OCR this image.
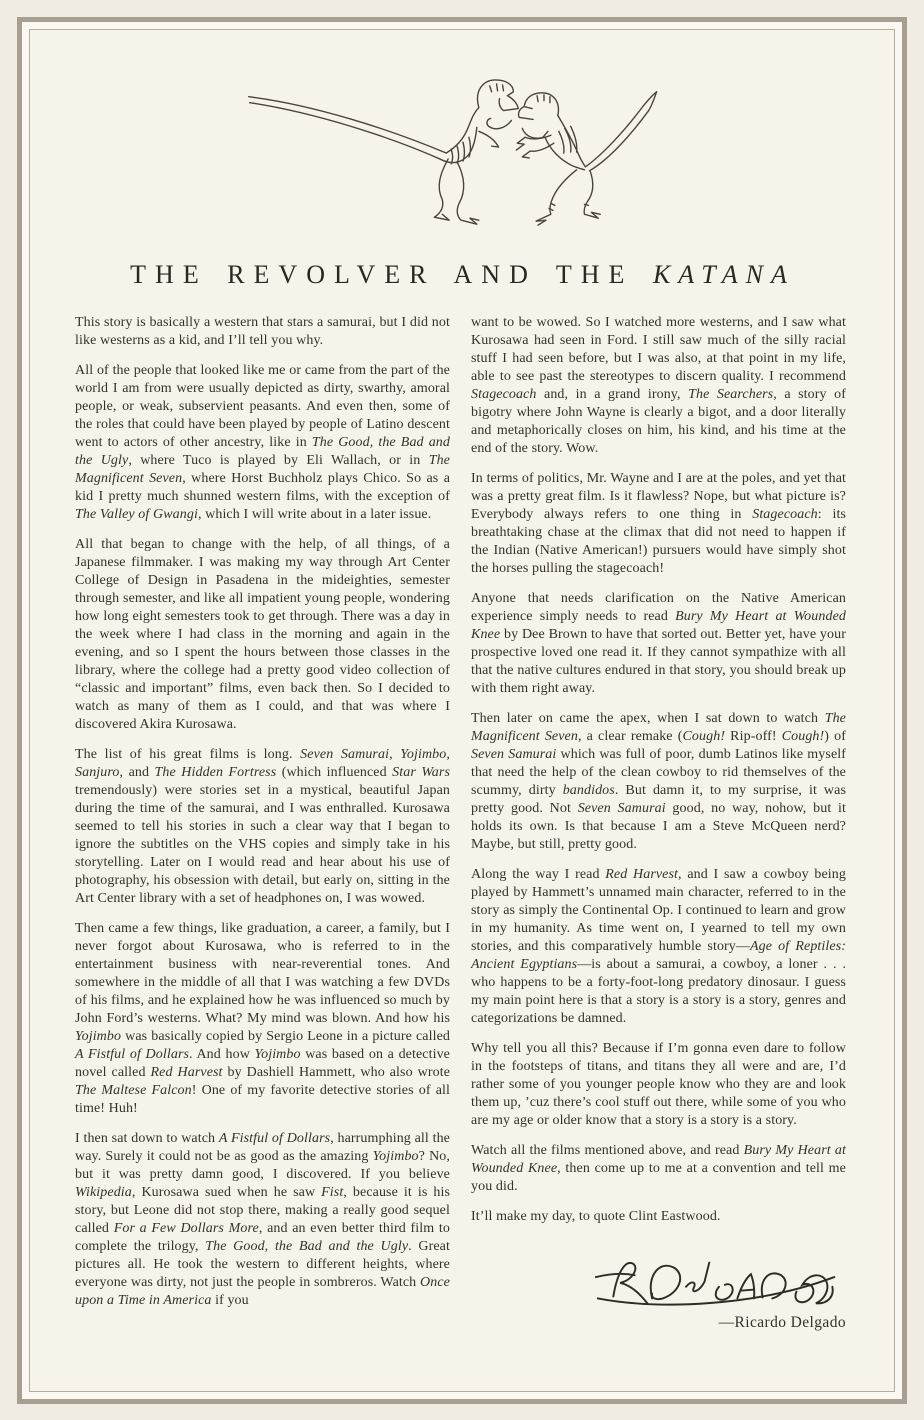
THE REVOLVER AND THE KATANA

This story is basically a western that stars a samurai, but I did not like westerns as a kid, and I’ll tell you why.

All of the people that looked like me or came from the part of the world I am from were usually depicted as dirty, swarthy, amoral people, or weak, subservient peasants. And even then, some of the roles that could have been played by people of Latino descent went to actors of other ancestry, like in The Good, the Bad and the Ugly, where Tuco is played by Eli Wallach, or in The Magnificent Seven, where Horst Buchholz plays Chico. So as a kid I pretty much shunned western films, with the exception of The Valley of Gwangi, which I will write about in a later issue.

All that began to change with the help, of all things, of a Japanese filmmaker. I was making my way through Art Center College of Design in Pasadena in the mideighties, semester through semester, and like all impatient young people, wondering how long eight semesters took to get through. There was a day in the week where I had class in the morning and again in the evening, and so I spent the hours between those classes in the library, where the college had a pretty good video collection of “classic and important” films, even back then. So I decided to watch as many of them as I could, and that was where I discovered Akira Kurosawa.

The list of his great films is long. Seven Samurai, Yojimbo, Sanjuro, and The Hidden Fortress (which influenced Star Wars tremendously) were stories set in a mystical, beautiful Japan during the time of the samurai, and I was enthralled. Kurosawa seemed to tell his stories in such a clear way that I began to ignore the subtitles on the VHS copies and simply take in his storytelling. Later on I would read and hear about his use of photography, his obsession with detail, but early on, sitting in the Art Center library with a set of headphones on, I was wowed.

Then came a few things, like graduation, a career, a family, but I never forgot about Kurosawa, who is referred to in the entertainment business with near-reverential tones. And somewhere in the middle of all that I was watching a few DVDs of his films, and he explained how he was influenced so much by John Ford’s westerns. What? My mind was blown. And how his Yojimbo was basically copied by Sergio Leone in a picture called A Fistful of Dollars. And how Yojimbo was based on a detective novel called Red Harvest by Dashiell Hammett, who also wrote The Maltese Falcon! One of my favorite detective stories of all time! Huh!

I then sat down to watch A Fistful of Dollars, harrumphing all the way. Surely it could not be as good as the amazing Yojimbo? No, but it was pretty damn good, I discovered. If you believe Wikipedia, Kurosawa sued when he saw Fist, because it is his story, but Leone did not stop there, making a really good sequel called For a Few Dollars More, and an even better third film to complete the trilogy, The Good, the Bad and the Ugly. Great pictures all. He took the western to different heights, where everyone was dirty, not just the people in sombreros. Watch Once upon a Time in America if you

want to be wowed. So I watched more westerns, and I saw what Kurosawa had seen in Ford. I still saw much of the silly racial stuff I had seen before, but I was also, at that point in my life, able to see past the stereotypes to discern quality. I recommend Stagecoach and, in a grand irony, The Searchers, a story of bigotry where John Wayne is clearly a bigot, and a door literally and metaphorically closes on him, his kind, and his time at the end of the story. Wow.

In terms of politics, Mr. Wayne and I are at the poles, and yet that was a pretty great film. Is it flawless? Nope, but what picture is? Everybody always refers to one thing in Stagecoach: its breathtaking chase at the climax that did not need to happen if the Indian (Native American!) pursuers would have simply shot the horses pulling the stagecoach!

Anyone that needs clarification on the Native American experience simply needs to read Bury My Heart at Wounded Knee by Dee Brown to have that sorted out. Better yet, have your prospective loved one read it. If they cannot sympathize with all that the native cultures endured in that story, you should break up with them right away.

Then later on came the apex, when I sat down to watch The Magnificent Seven, a clear remake (Cough! Rip-off! Cough!) of Seven Samurai which was full of poor, dumb Latinos like myself that need the help of the clean cowboy to rid themselves of the scummy, dirty bandidos. But damn it, to my surprise, it was pretty good. Not Seven Samurai good, no way, nohow, but it holds its own. Is that because I am a Steve McQueen nerd? Maybe, but still, pretty good.

Along the way I read Red Harvest, and I saw a cowboy being played by Hammett’s unnamed main character, referred to in the story as simply the Continental Op. I continued to learn and grow in my humanity. As time went on, I yearned to tell my own stories, and this comparatively humble story—Age of Reptiles: Ancient Egyptians—is about a samurai, a cowboy, a loner . . . who happens to be a forty-foot-long predatory dinosaur. I guess my main point here is that a story is a story is a story, genres and categorizations be damned.

Why tell you all this? Because if I’m gonna even dare to follow in the footsteps of titans, and titans they all were and are, I’d rather some of you younger people know who they are and look them up, ’cuz there’s cool stuff out there, while some of you who are my age or older know that a story is a story is a story.

Watch all the films mentioned above, and read Bury My Heart at Wounded Knee, then come up to me at a convention and tell me you did.

It’ll make my day, to quote Clint Eastwood.

—Ricardo Delgado
